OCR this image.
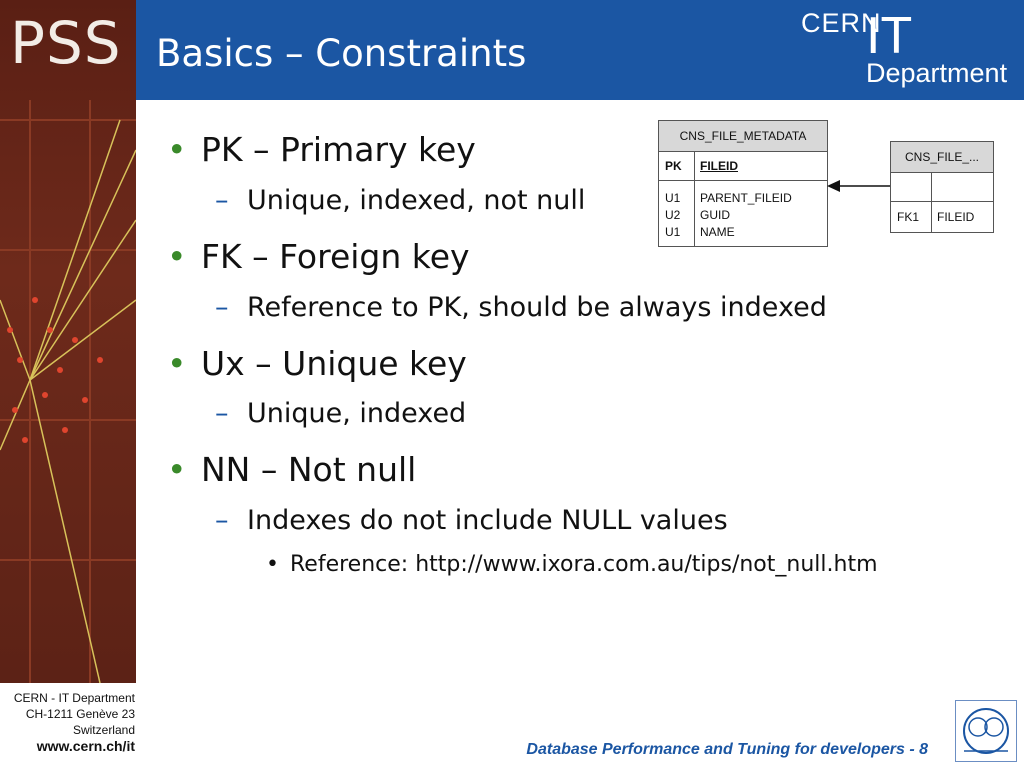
PSS Basics – Constraints
CERN
IT
Department
• PK – Primary key
– Unique, indexed, not null
• FK – Foreign key
– Reference to PK, should be always indexed
• Ux – Unique key
– Unique, indexed
• NN – Not null
– Indexes do not include NULL values
• Reference: http://www.ixora.com.au/tips/not_null.htm
CNS_FILE_METADATA
PK FILEID
U1
U2
U1
PARENT_FILEID
GUID
NAME
CNS_FILE_...
FK1 FILEID
CERN - IT Department
CH-1211 Genève 23
Switzerland
www.cern.ch/it	Database Performance and Tuning for developers - 8
